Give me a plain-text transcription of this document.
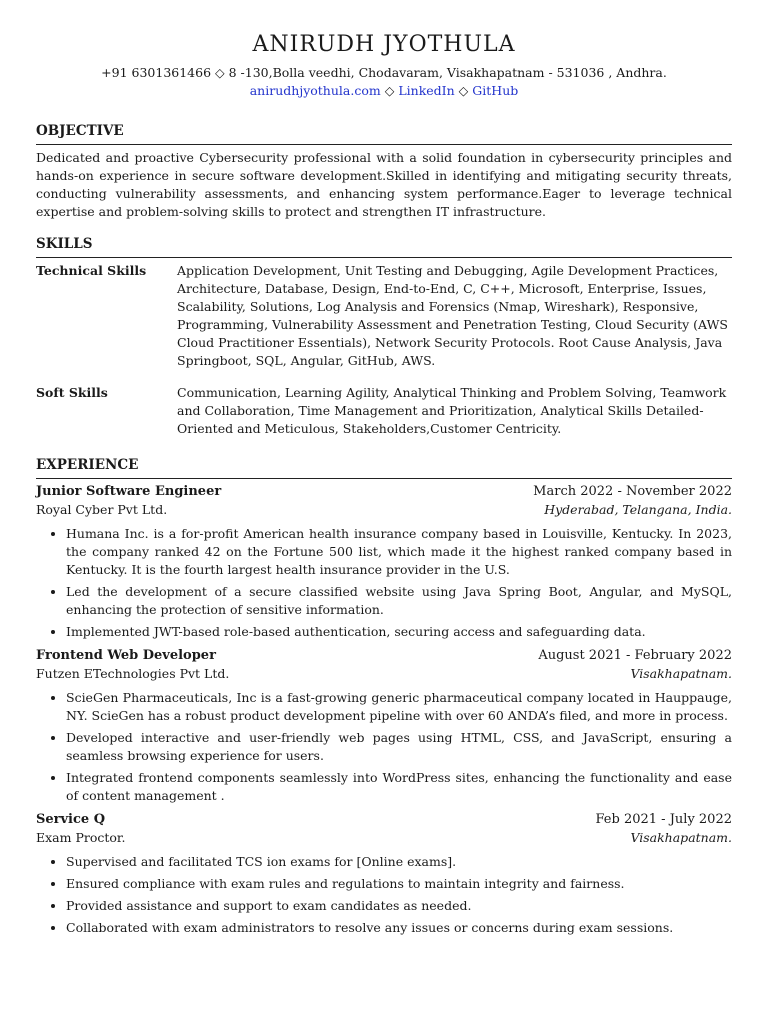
ANIRUDH JYOTHULA
+91 6301361466 ◇ 8 -130,Bolla veedhi, Chodavaram, Visakhapatnam - 531036 , Andhra.
anirudhjyothula.com ◇ LinkedIn ◇ GitHub
OBJECTIVE
Dedicated and proactive Cybersecurity professional with a solid foundation in cybersecurity principles and hands-on experience in secure software development.Skilled in identifying and mitigating security threats, conducting vulnerability assessments, and enhancing system performance.Eager to leverage technical expertise and problem-solving skills to protect and strengthen IT infrastructure.
SKILLS
Technical Skills	Application Development, Unit Testing and Debugging, Agile Development Practices, Architecture, Database, Design, End-to-End, C, C++, Microsoft, Enterprise, Issues, Scalability, Solutions, Log Analysis and Forensics (Nmap, Wireshark), Responsive, Programming, Vulnerability Assessment and Penetration Testing, Cloud Security (AWS Cloud Practitioner Essentials), Network Security Protocols. Root Cause Analysis, Java Springboot, SQL, Angular, GitHub, AWS.
Soft Skills	Communication, Learning Agility, Analytical Thinking and Problem Solving, Teamwork and Collaboration, Time Management and Prioritization, Analytical Skills Detailed-Oriented and Meticulous, Stakeholders,Customer Centricity.
EXPERIENCE
Junior Software Engineer	March 2022 - November 2022
Royal Cyber Pvt Ltd.	Hyderabad, Telangana, India.
• Humana Inc. is a for-profit American health insurance company based in Louisville, Kentucky. In 2023, the company ranked 42 on the Fortune 500 list, which made it the highest ranked company based in Kentucky. It is the fourth largest health insurance provider in the U.S.
• Led the development of a secure classified website using Java Spring Boot, Angular, and MySQL, enhancing the protection of sensitive information.
• Implemented JWT-based role-based authentication, securing access and safeguarding data.
Frontend Web Developer	August 2021 - February 2022
Futzen ETechnologies Pvt Ltd.	Visakhapatnam.
• ScieGen Pharmaceuticals, Inc is a fast-growing generic pharmaceutical company located in Hauppauge, NY. ScieGen has a robust product development pipeline with over 60 ANDA’s filed, and more in process.
• Developed interactive and user-friendly web pages using HTML, CSS, and JavaScript, ensuring a seamless browsing experience for users.
• Integrated frontend components seamlessly into WordPress sites, enhancing the functionality and ease of content management .
Service Q	Feb 2021 - July 2022
Exam Proctor.	Visakhapatnam.
• Supervised and facilitated TCS ion exams for [Online exams].
• Ensured compliance with exam rules and regulations to maintain integrity and fairness.
• Provided assistance and support to exam candidates as needed.
• Collaborated with exam administrators to resolve any issues or concerns during exam sessions.
